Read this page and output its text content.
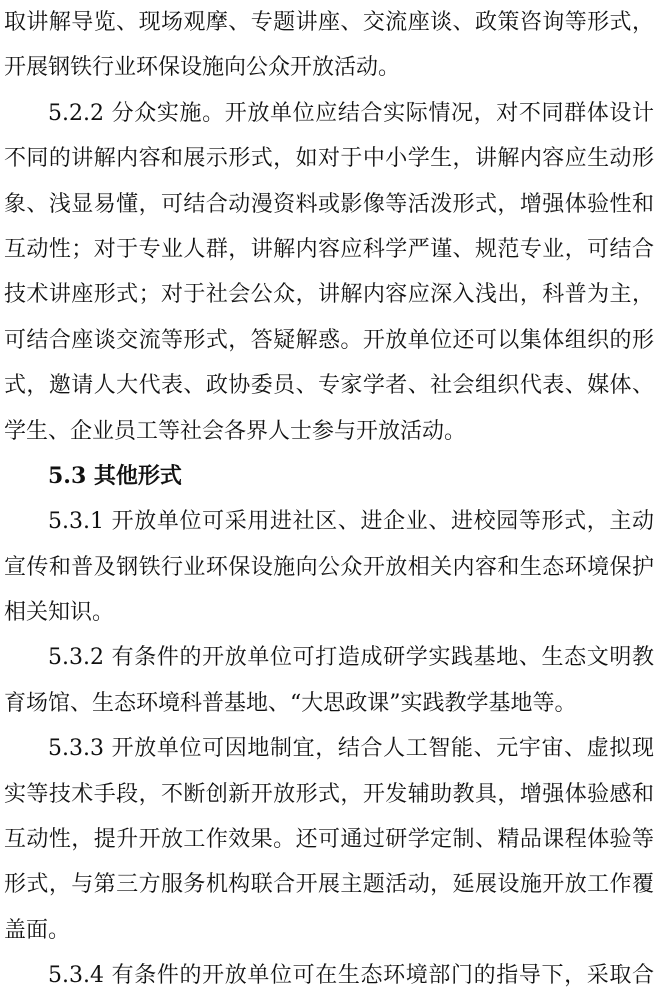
取讲解导览、现场观摩、专题讲座、交流座谈、政策咨询等形式，
开展钢铁行业环保设施向公众开放活动。
5.2.2 分众实施。开放单位应结合实际情况，对不同群体设计
不同的讲解内容和展示形式，如对于中小学生，讲解内容应生动形
象、浅显易懂，可结合动漫资料或影像等活泼形式，增强体验性和
互动性；对于专业人群，讲解内容应科学严谨、规范专业，可结合
技术讲座形式；对于社会公众，讲解内容应深入浅出，科普为主，
可结合座谈交流等形式，答疑解惑。开放单位还可以集体组织的形
式，邀请人大代表、政协委员、专家学者、社会组织代表、媒体、
学生、企业员工等社会各界人士参与开放活动。
5.3 其他形式
5.3.1 开放单位可采用进社区、进企业、进校园等形式，主动
宣传和普及钢铁行业环保设施向公众开放相关内容和生态环境保护
相关知识。
5.3.2 有条件的开放单位可打造成研学实践基地、生态文明教
育场馆、生态环境科普基地、“大思政课”实践教学基地等。
5.3.3 开放单位可因地制宜，结合人工智能、元宇宙、虚拟现
实等技术手段，不断创新开放形式，开发辅助教具，增强体验感和
互动性，提升开放工作效果。还可通过研学定制、精品课程体验等
形式，与第三方服务机构联合开展主题活动，延展设施开放工作覆
盖面。
5.3.4 有条件的开放单位可在生态环境部门的指导下，采取合
